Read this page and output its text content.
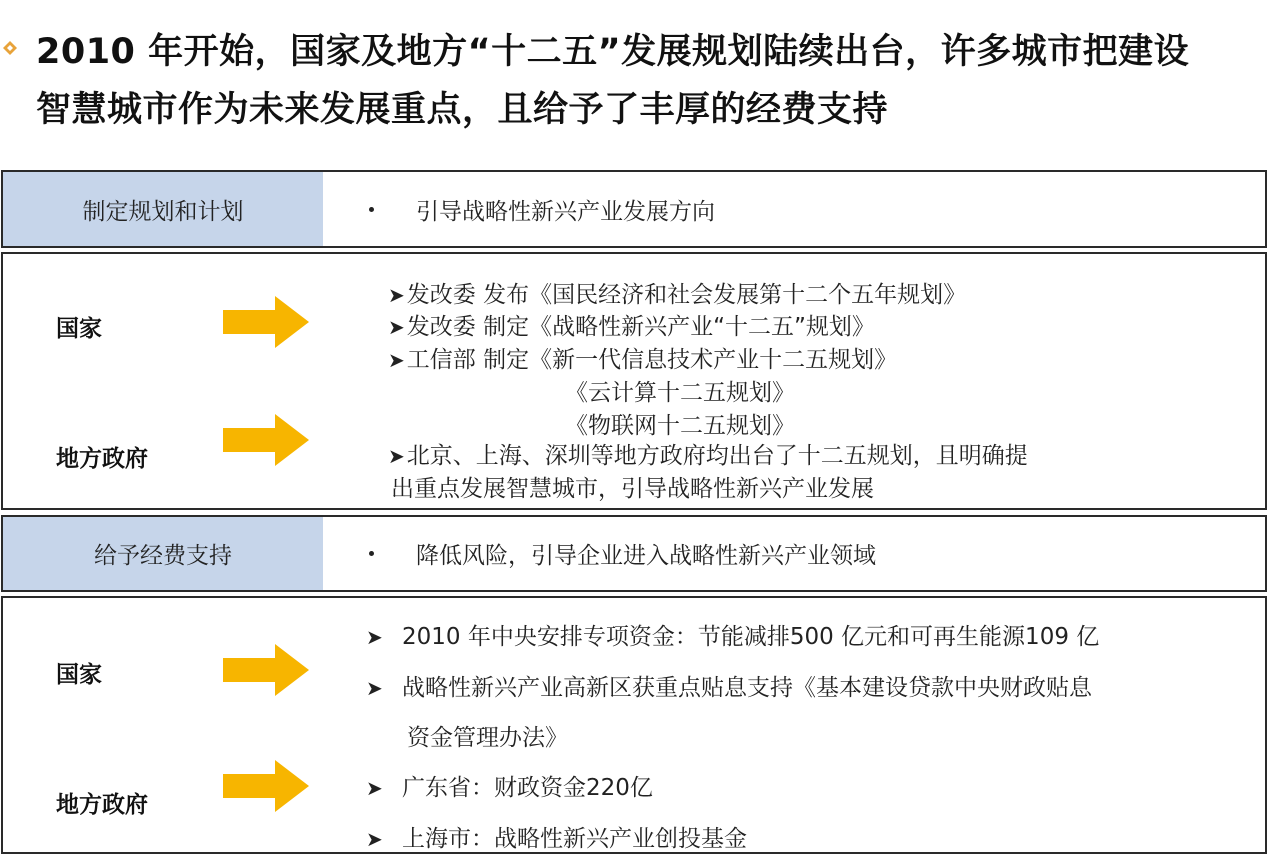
2010 年开始，国家及地方“十二五”发展规划陆续出台，许多城市把建设
智慧城市作为未来发展重点，且给予了丰厚的经费支持
制定规划和计划	引导战略性新兴产业发展方向
国家
地方政府
➤发改委 发布《国民经济和社会发展第十二个五年规划》
➤发改委 制定《战略性新兴产业“十二五”规划》
➤工信部 制定《新一代信息技术产业十二五规划》
《云计算十二五规划》
《物联网十二五规划》
➤北京、上海、深圳等地方政府均出台了十二五规划，且明确提
出重点发展智慧城市，引导战略性新兴产业发展
给予经费支持	降低风险，引导企业进入战略性新兴产业领域
国家
地方政府
➤ 2010 年中央安排专项资金：节能减排500 亿元和可再生能源109 亿
➤ 战略性新兴产业高新区获重点贴息支持《基本建设贷款中央财政贴息
资金管理办法》
➤ 广东省：财政资金220亿
➤ 上海市：战略性新兴产业创投基金
